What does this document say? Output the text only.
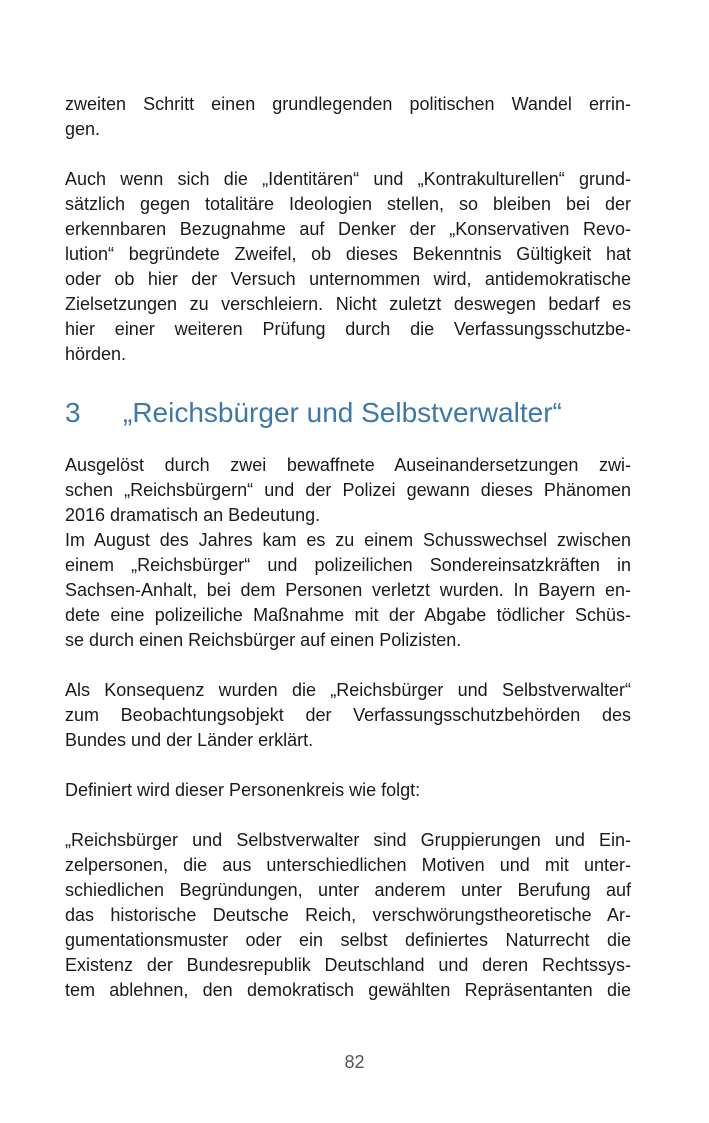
zweiten Schritt einen grundlegenden politischen Wandel errin-

gen.

Auch wenn sich die „Identitären“ und „Kontrakulturellen“ grund-

sätzlich gegen totalitäre Ideologien stellen, so bleiben bei der

erkennbaren Bezugnahme auf Denker der „Konservativen Revo-

lution“ begründete Zweifel, ob dieses Bekenntnis Gültigkeit hat

oder ob hier der Versuch unternommen wird, antidemokratische

Zielsetzungen zu verschleiern. Nicht zuletzt deswegen bedarf es

hier einer weiteren Prüfung durch die Verfassungsschutzbe-

hörden.

3 „Reichsbürger und Selbstverwalter“

Ausgelöst durch zwei bewaffnete Auseinandersetzungen zwi-

schen „Reichsbürgern“ und der Polizei gewann dieses Phänomen

2016 dramatisch an Bedeutung.

Im August des Jahres kam es zu einem Schusswechsel zwischen

einem „Reichsbürger“ und polizeilichen Sondereinsatzkräften in

Sachsen-Anhalt, bei dem Personen verletzt wurden. In Bayern en-

dete eine polizeiliche Maßnahme mit der Abgabe tödlicher Schüs-

se durch einen Reichsbürger auf einen Polizisten.

Als Konsequenz wurden die „Reichsbürger und Selbstverwalter“

zum Beobachtungsobjekt der Verfassungsschutzbehörden des

Bundes und der Länder erklärt.

Definiert wird dieser Personenkreis wie folgt:

„Reichsbürger und Selbstverwalter sind Gruppierungen und Ein-

zelpersonen, die aus unterschiedlichen Motiven und mit unter-

schiedlichen Begründungen, unter anderem unter Berufung auf

das historische Deutsche Reich, verschwörungstheoretische Ar-

gumentationsmuster oder ein selbst definiertes Naturrecht die

Existenz der Bundesrepublik Deutschland und deren Rechtssys-

tem ablehnen, den demokratisch gewählten Repräsentanten die

82
